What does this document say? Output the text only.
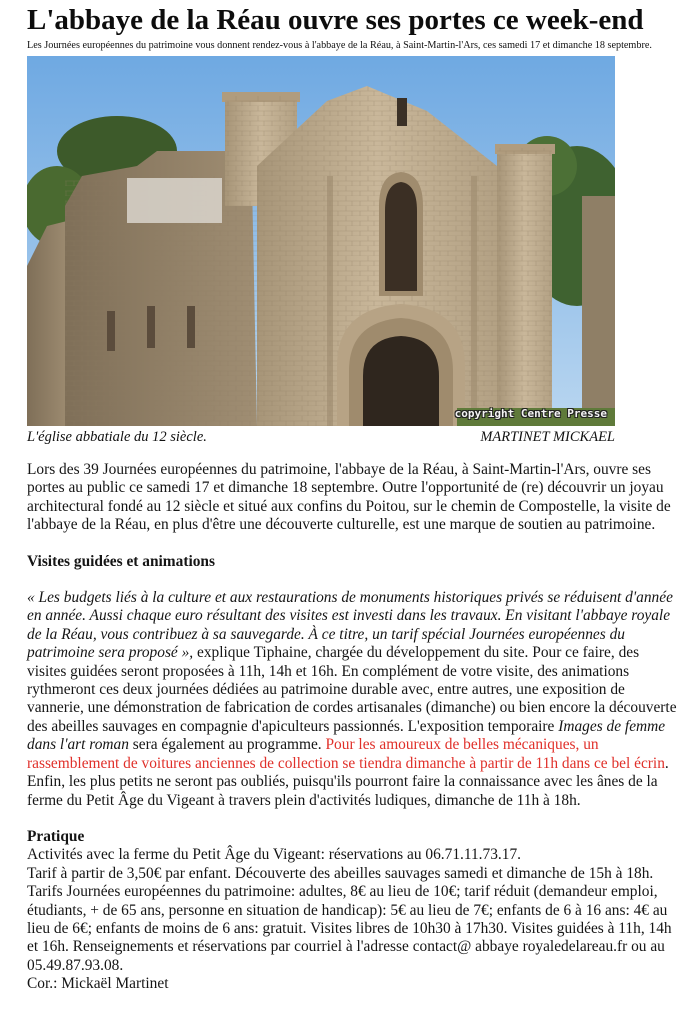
L'abbaye de la Réau ouvre ses portes ce week-end
Les Journées européennes du patrimoine vous donnent rendez-vous à l'abbaye de la Réau, à Saint-Martin-l'Ars, ces samedi 17 et dimanche 18 septembre.
copyright Centre Presse
L'église abbatiale du 12 siècle.	MARTINET MICKAEL

Lors des 39 Journées européennes du patrimoine, l'abbaye de la Réau, à Saint-Martin-l'Ars, ouvre ses portes au public ce samedi 17 et dimanche 18 septembre. Outre l'opportunité de (re) découvrir un joyau architectural fondé au 12 siècle et situé aux confins du Poitou, sur le chemin de Compostelle, la visite de l'abbaye de la Réau, en plus d'être une découverte culturelle, est une marque de soutien au patrimoine.

Visites guidées et animations

« Les budgets liés à la culture et aux restaurations de monuments historiques privés se réduisent d'année en année. Aussi chaque euro résultant des visites est investi dans les travaux. En visitant l'abbaye royale de la Réau, vous contribuez à sa sauvegarde. À ce titre, un tarif spécial Journées européennes du patrimoine sera proposé », explique Tiphaine, chargée du développement du site. Pour ce faire, des visites guidées seront proposées à 11h, 14h et 16h. En complément de votre visite, des animations rythmeront ces deux journées dédiées au patrimoine durable avec, entre autres, une exposition de vannerie, une démonstration de fabrication de cordes artisanales (dimanche) ou bien encore la découverte des abeilles sauvages en compagnie d'apiculteurs passionnés. L'exposition temporaire Images de femme dans l'art roman sera également au programme. Pour les amoureux de belles mécaniques, un rassemblement de voitures anciennes de collection se tiendra dimanche à partir de 11h dans ce bel écrin. Enfin, les plus petits ne seront pas oubliés, puisqu'ils pourront faire la connaissance avec les ânes de la ferme du Petit Âge du Vigeant à travers plein d'activités ludiques, dimanche de 11h à 18h.

Pratique

Activités avec la ferme du Petit Âge du Vigeant: réservations au 06.71.11.73.17.
Tarif à partir de 3,50€ par enfant. Découverte des abeilles sauvages samedi et dimanche de 15h à 18h.
Tarifs Journées européennes du patrimoine: adultes, 8€ au lieu de 10€; tarif réduit (demandeur emploi, étudiants, + de 65 ans, personne en situation de handicap): 5€ au lieu de 7€; enfants de 6 à 16 ans: 4€ au lieu de 6€; enfants de moins de 6 ans: gratuit. Visites libres de 10h30 à 17h30. Visites guidées à 11h, 14h et 16h. Renseignements et réservations par courriel à l'adresse contact@ abbaye royaledelareau.fr ou au 05.49.87.93.08.
Cor.: Mickaël Martinet
